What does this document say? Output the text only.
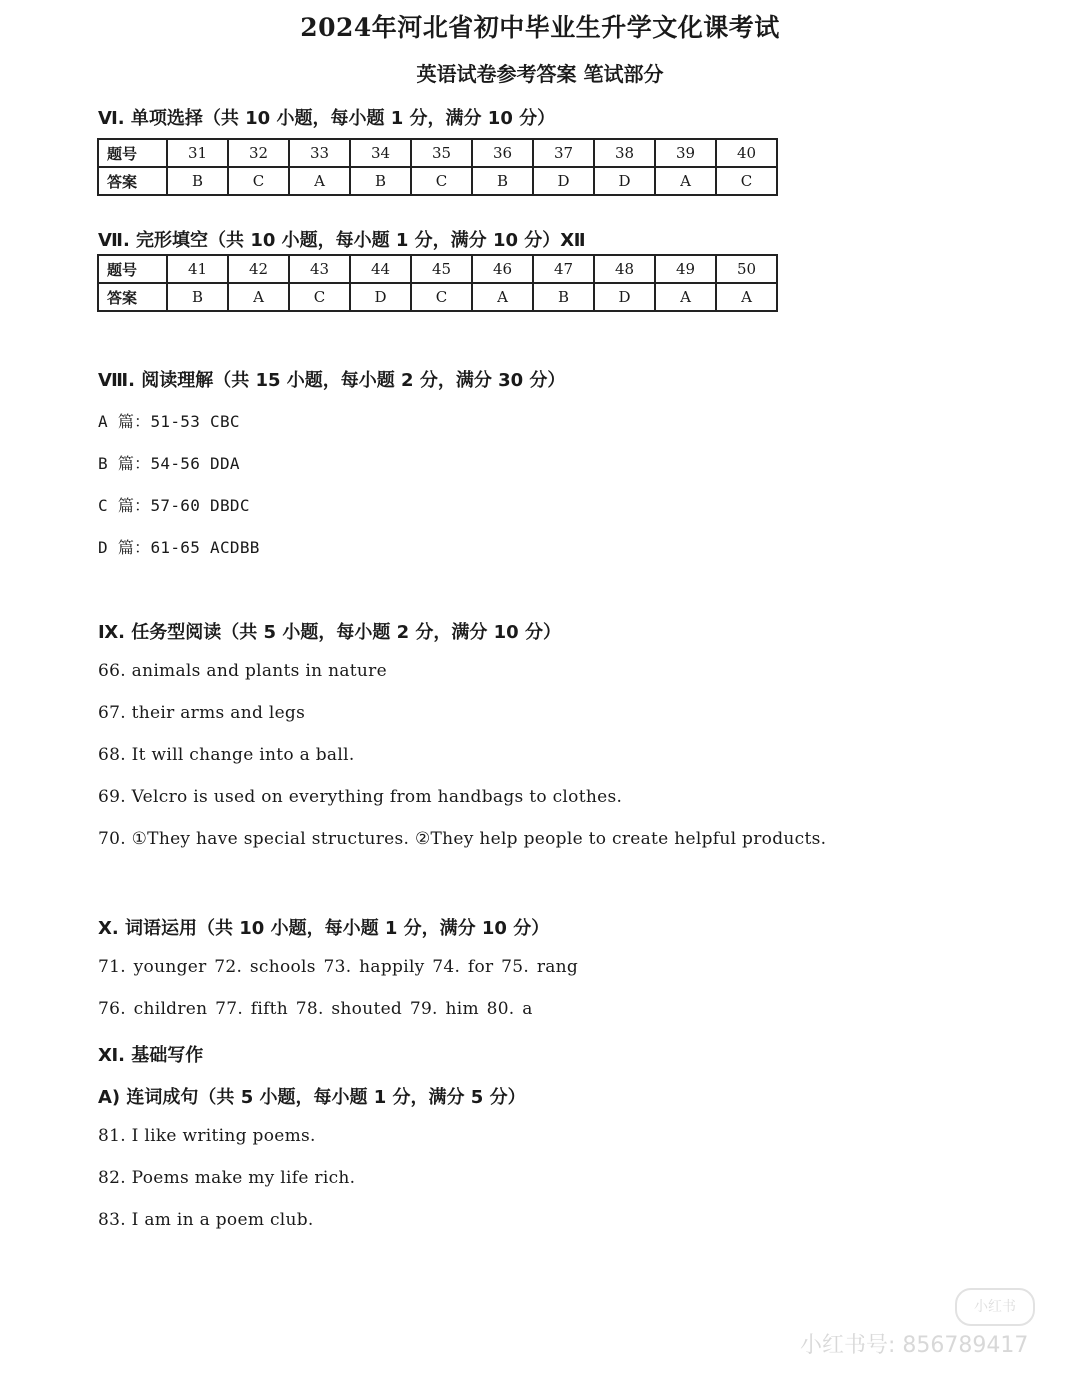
2024年河北省初中毕业生升学文化课考试
英语试卷参考答案 笔试部分
Ⅵ. 单项选择（共 10 小题，每小题 1 分，满分 10 分）
题号	31	32	33	34	35	36	37	38	39	40
答案	B	C	A	B	C	B	D	D	A	C
Ⅶ. 完形填空（共 10 小题，每小题 1 分，满分 10 分）Ⅻ
题号	41	42	43	44	45	46	47	48	49	50
答案	B	A	C	D	C	A	B	D	A	A
Ⅷ. 阅读理解（共 15 小题，每小题 2 分，满分 30 分）
A 篇：51-53 CBC
B 篇：54-56 DDA
C 篇：57-60 DBDC
D 篇：61-65 ACDBB
Ⅸ. 任务型阅读（共 5 小题，每小题 2 分，满分 10 分）
66. animals and plants in nature
67. their arms and legs
68. It will change into a ball.
69. Velcro is used on everything from handbags to clothes.
70. ①They have special structures. ②They help people to create helpful products.
Ⅹ. 词语运用（共 10 小题，每小题 1 分，满分 10 分）
71. younger 72. schools 73. happily 74. for 75. rang
76. children 77. fifth 78. shouted 79. him 80. a
Ⅺ. 基础写作
A) 连词成句（共 5 小题，每小题 1 分，满分 5 分）
81. I like writing poems.
82. Poems make my life rich.
83. I am in a poem club.
小红书
小红书号: 8567894​17
